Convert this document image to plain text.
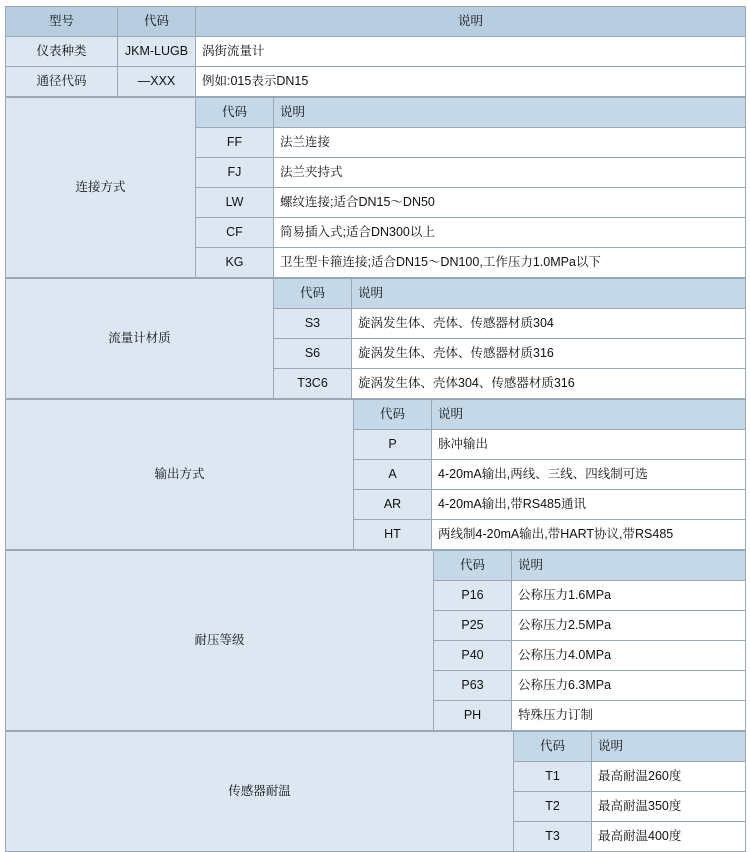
型号	代码	说明
仪表种类	JKM-LUGB	涡街流量计
通径代码	—XXX	例如:015表示DN15
连接方式	代码	说明
	FF	法兰连接
	FJ	法兰夹持式
	LW	螺纹连接;适合DN15～DN50
	CF	简易插入式;适合DN300以上
	KG	卫生型卡箍连接;适合DN15～DN100,工作压力1.0MPa以下
流量计材质	代码	说明
	S3	旋涡发生体、壳体、传感器材质304
	S6	旋涡发生体、壳体、传感器材质316
	T3C6	旋涡发生体、壳体304、传感器材质316
输出方式	代码	说明
	P	脉冲输出
	A	4-20mA输出,两线、三线、四线制可选
	AR	4-20mA输出,带RS485通讯
	HT	两线制4-20mA输出,带HART协议,带RS485
耐压等级	代码	说明
	P16	公称压力1.6MPa
	P25	公称压力2.5MPa
	P40	公称压力4.0MPa
	P63	公称压力6.3MPa
	PH	特殊压力订制
传感器耐温	代码	说明
	T1	最高耐温260度
	T2	最高耐温350度
	T3	最高耐温400度
